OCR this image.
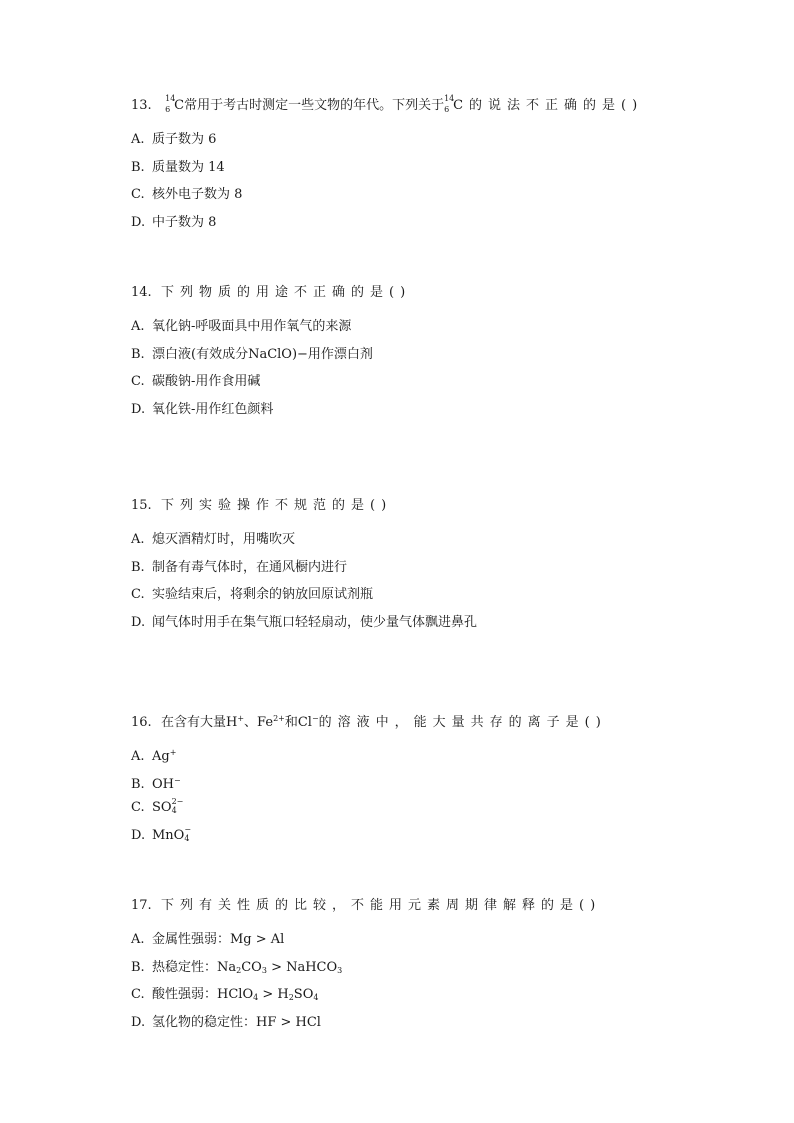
13. 14
6 C常用于考古时测定一些文物的年代。下列关于 14
6 C的说法不正确的是()
A. 质子数为 6
B. 质量数为 14
C. 核外电子数为 8
D. 中子数为 8
14. 下列物质的用途不正确的是()
A. 氧化钠-呼吸面具中用作氧气的来源
B. 漂白液(有效成分NaClO)−用作漂白剂
C. 碳酸钠-用作食用碱
D. 氧化铁-用作红色颜料
15. 下列实验操作不规范的是()
A. 熄灭酒精灯时，用嘴吹灭
B. 制备有毒气体时，在通风橱内进行
C. 实验结束后，将剩余的钠放回原试剂瓶
D. 闻气体时用手在集气瓶口轻轻扇动，使少量气体飘进鼻孔
16. 在含有大量H+、$Fe^{2+}$和Cl−的溶液中，能大量共存的离子是()
A. Ag+
B. OH−
C. SO 2−
4
D. MnO −
4
17. 下列有关性质的比较，不能用元素周期律解释的是()
A. 金属性强弱：Mg > Al
B. 热稳定性：$Na_2CO_3$ > NaHCO$_3$
C. 酸性强弱：HClO$_4$ > $H_2SO_4$
D. 氢化物的稳定性：HF > HCl
